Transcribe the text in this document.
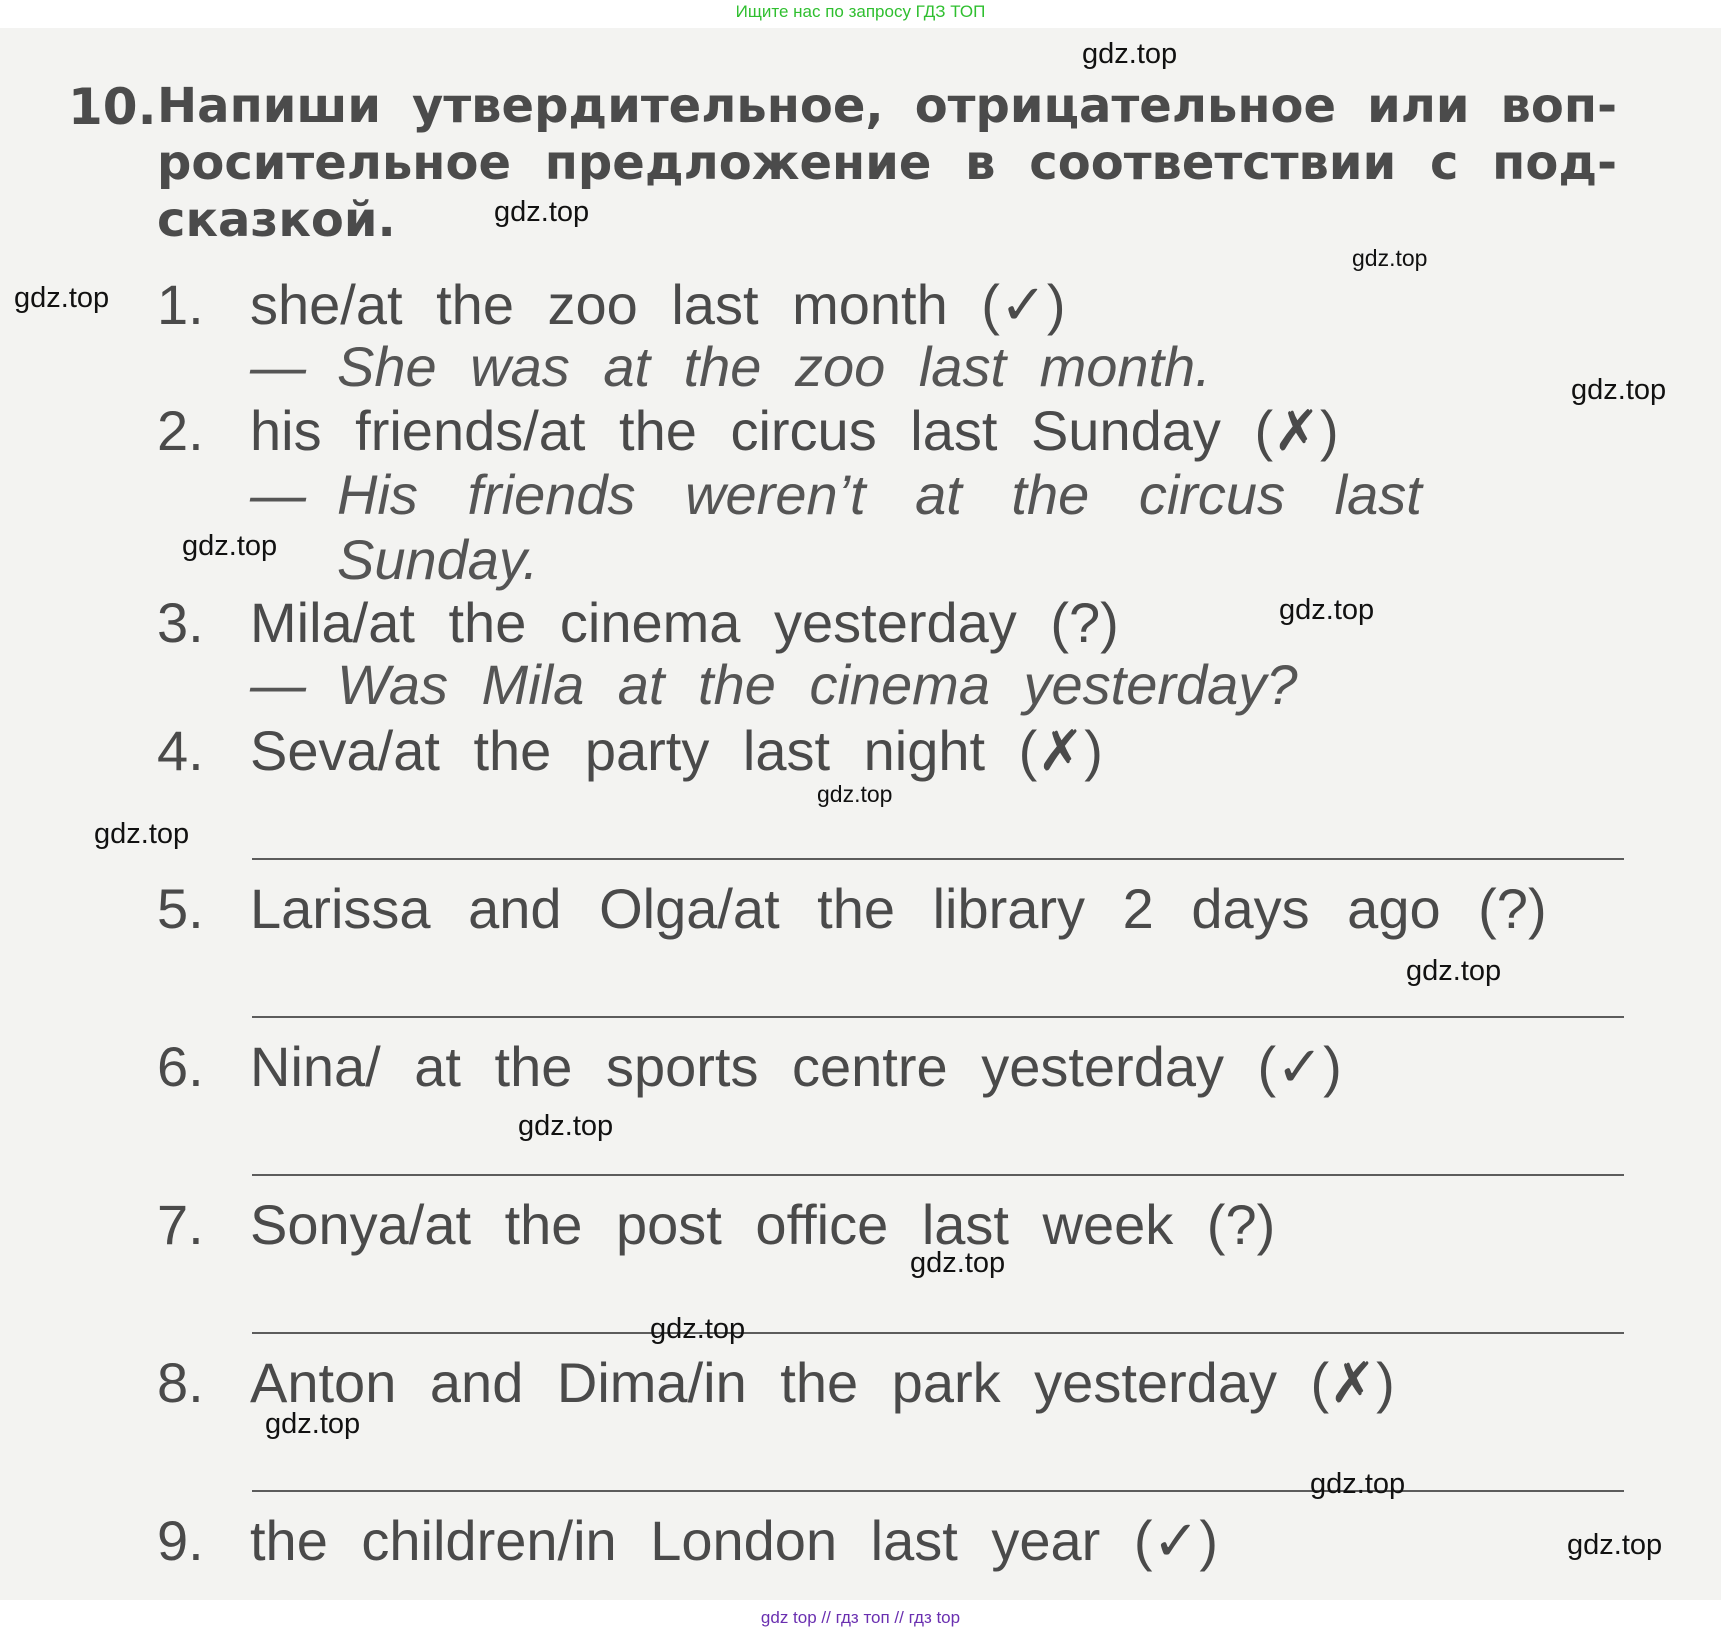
Ищите нас по запросу ГДЗ ТОП
10. Напиши утвердительное, отрицательное или воп-
росительное предложение в соответствии с под-
сказкой.
1. she/at the zoo last month (✓)
— She was at the zoo last month.
2. his friends/at the circus last Sunday (✗)
— His friends weren’t at the circus last
Sunday.
3. Mila/at the cinema yesterday (?)
— Was Mila at the cinema yesterday?
4. Seva/at the party last night (✗)
5. Larissa and Olga/at the library 2 days ago (?)
6. Nina/ at the sports centre yesterday (✓)
7. Sonya/at the post office last week (?)
8. Anton and Dima/in the park yesterday (✗)
9. the children/in London last year (✓)
gdz.top
gdz.top
gdz.top
gdz.top
gdz.top
gdz.top
gdz.top
gdz.top
gdz.top
gdz.top
gdz.top
gdz.top
gdz.top
gdz.top
gdz.top
gdz.top
gdz top // гдз топ // гдз top
